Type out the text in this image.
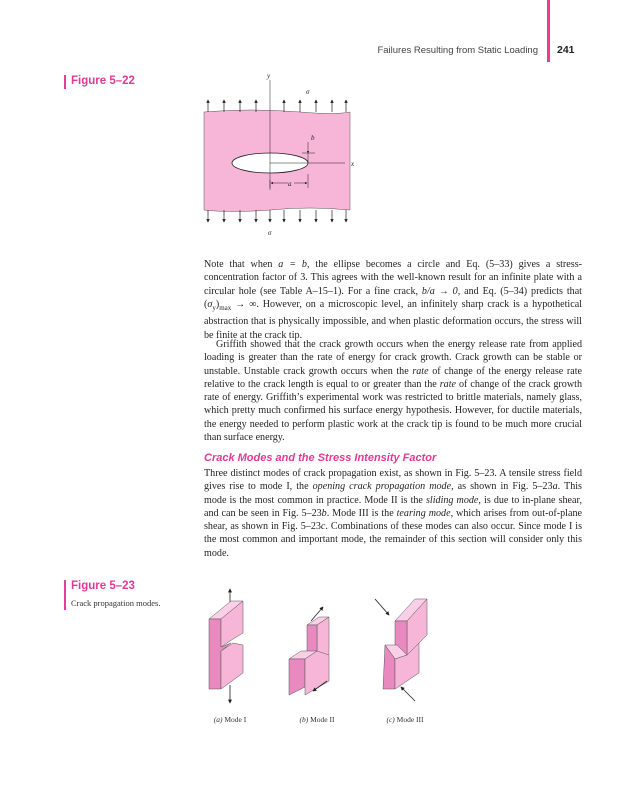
Failures Resulting from Static Loading 241
Figure 5–22	y
σ
x
b
a
σ

Note that when a = b, the ellipse becomes a circle and Eq. (5–33) gives a stress-concentration factor of 3. This agrees with the well-known result for an infinite plate with a circular hole (see Table A–15–1). For a fine crack, b/a → 0, and Eq. (5–34) predicts that $(\sigma_y)_{max}$ → ∞. However, on a microscopic level, an infinitely sharp crack is a hypothetical abstraction that is physically impossible, and when plastic deformation occurs, the stress will be finite at the crack tip.

Griffith showed that the crack growth occurs when the energy release rate from applied loading is greater than the rate of energy for crack growth. Crack growth can be stable or unstable. Unstable crack growth occurs when the rate of change of the energy release rate relative to the crack length is equal to or greater than the rate of change of the crack growth rate of energy. Griffith’s experimental work was restricted to brittle materials, namely glass, which pretty much confirmed his surface energy hypothesis. However, for ductile materials, the energy needed to perform plastic work at the crack tip is found to be much more crucial than surface energy.

Crack Modes and the Stress Intensity Factor

Three distinct modes of crack propagation exist, as shown in Fig. 5–23. A tensile stress field gives rise to mode I, the opening crack propagation mode, as shown in Fig. 5–23a. This mode is the most common in practice. Mode II is the sliding mode, is due to in-plane shear, and can be seen in Fig. 5–23b. Mode III is the tearing mode, which arises from out-of-plane shear, as shown in Fig. 5–23c. Combinations of these modes can also occur. Since mode I is the most common and important mode, the remainder of this section will consider only this mode.

Figure 5–23
Crack propagation modes.
(a) Mode I	(b) Mode II	(c) Mode III
